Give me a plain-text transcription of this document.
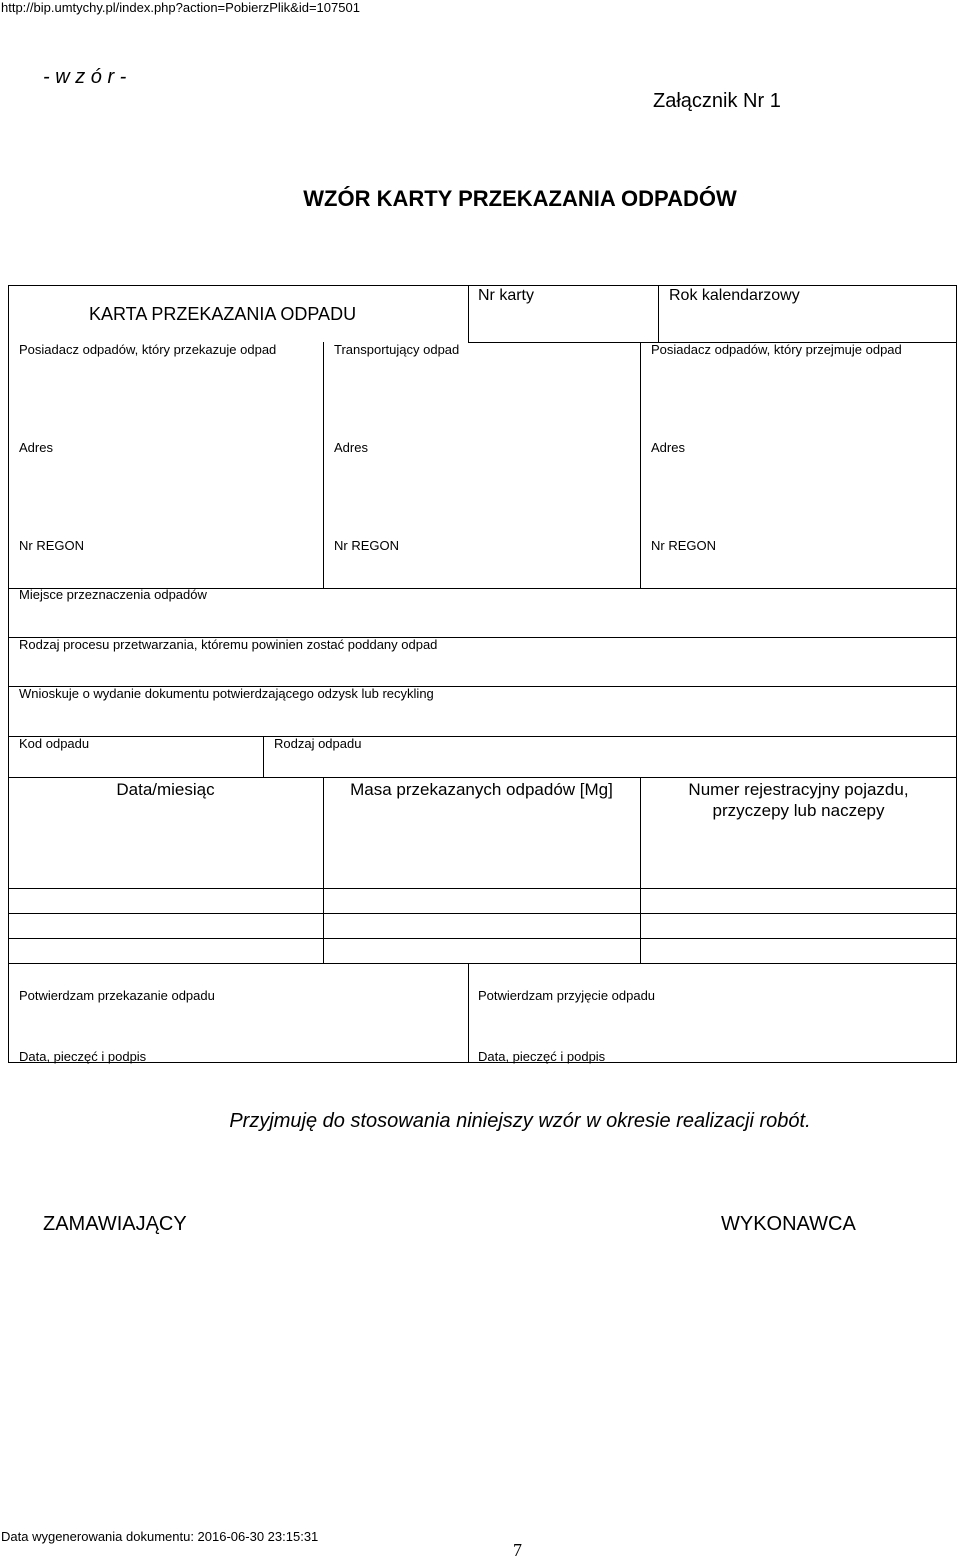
http://bip.umtychy.pl/index.php?action=PobierzPlik&id=107501
- w z ó r -
Załącznik Nr 1
WZÓR KARTY PRZEKAZANIA ODPADÓW
KARTA PRZEKAZANIA ODPADU
Nr karty	Rok kalendarzowy
Posiadacz odpadów, który przekazuje odpad	Transportujący odpad	Posiadacz odpadów, który przejmuje odpad
Adres	Adres	Adres
Nr REGON	Nr REGON	Nr REGON
Miejsce przeznaczenia odpadów
Rodzaj procesu przetwarzania, któremu powinien zostać poddany odpad
Wnioskuje o wydanie dokumentu potwierdzającego odzysk lub recykling
Kod odpadu	Rodzaj odpadu
Data/miesiąc	Masa przekazanych odpadów [Mg]	Numer rejestracyjny pojazdu,
przyczepy lub naczepy
Potwierdzam przekazanie odpadu	Potwierdzam przyjęcie odpadu
Data, pieczęć i podpis	Data, pieczęć i podpis
Przyjmuję do stosowania niniejszy wzór w okresie realizacji robót.
ZAMAWIAJĄCY	WYKONAWCA
Data wygenerowania dokumentu: 2016-06-30 23:15:31
7
